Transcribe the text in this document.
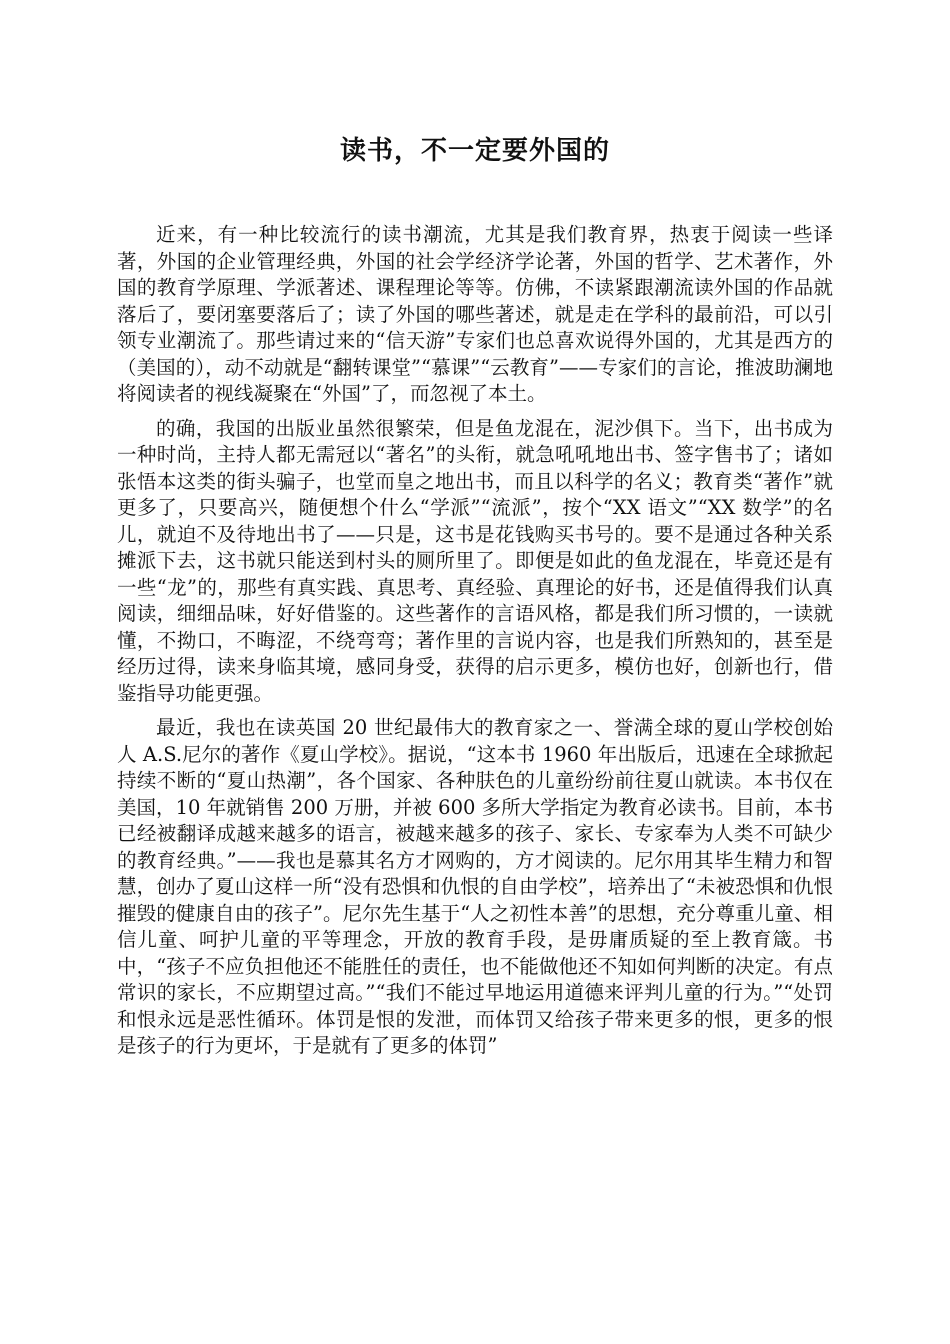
读书，不一定要外国的

近来，有一种比较流行的读书潮流，尤其是我们教育界，热衷于阅读一些译著，外国的企业管理经典，外国的社会学经济学论著，外国的哲学、艺术著作，外国的教育学原理、学派著述、课程理论等等。仿佛，不读紧跟潮流读外国的作品就落后了，要闭塞要落后了；读了外国的哪些著述，就是走在学科的最前沿，可以引领专业潮流了。那些请过来的“信天游”专家们也总喜欢说得外国的，尤其是西方的（美国的），动不动就是“翻转课堂”“慕课”“云教育”——专家们的言论，推波助澜地将阅读者的视线凝聚在“外国”了，而忽视了本土。

的确，我国的出版业虽然很繁荣，但是鱼龙混在，泥沙俱下。当下，出书成为一种时尚，主持人都无需冠以“著名”的头衔，就急吼吼地出书、签字售书了；诸如张悟本这类的街头骗子，也堂而皇之地出书，而且以科学的名义；教育类“著作”就更多了，只要高兴，随便想个什么“学派”“流派”，按个“XX 语文”“XX 数学”的名儿，就迫不及待地出书了——只是，这书是花钱购买书号的。要不是通过各种关系摊派下去，这书就只能送到村头的厕所里了。即便是如此的鱼龙混在，毕竟还是有一些“龙”的，那些有真实践、真思考、真经验、真理论的好书，还是值得我们认真阅读，细细品味，好好借鉴的。这些著作的言语风格，都是我们所习惯的，一读就懂，不拗口，不晦涩，不绕弯弯；著作里的言说内容，也是我们所熟知的，甚至是经历过得，读来身临其境，感同身受，获得的启示更多，模仿也好，创新也行，借鉴指导功能更强。

最近，我也在读英国 20 世纪最伟大的教育家之一、誉满全球的夏山学校创始人 A.S.尼尔的著作《夏山学校》。据说，“这本书 1960 年出版后，迅速在全球掀起持续不断的“夏山热潮”，各个国家、各种肤色的儿童纷纷前往夏山就读。本书仅在美国，10 年就销售 200 万册，并被 600 多所大学指定为教育必读书。目前，本书已经被翻译成越来越多的语言，被越来越多的孩子、家长、专家奉为人类不可缺少的教育经典。”——我也是慕其名方才网购的，方才阅读的。尼尔用其毕生精力和智慧，创办了夏山这样一所“没有恐惧和仇恨的自由学校”，培养出了“未被恐惧和仇恨摧毁的健康自由的孩子”。尼尔先生基于“人之初性本善”的思想，充分尊重儿童、相信儿童、呵护儿童的平等理念，开放的教育手段，是毋庸质疑的至上教育箴。书中，“孩子不应负担他还不能胜任的责任，也不能做他还不知如何判断的决定。有点常识的家长，不应期望过高。”“我们不能过早地运用道德来评判儿童的行为。”“处罚和恨永远是恶性循环。体罚是恨的发泄，而体罚又给孩子带来更多的恨，更多的恨是孩子的行为更坏，于是就有了更多的体罚”
